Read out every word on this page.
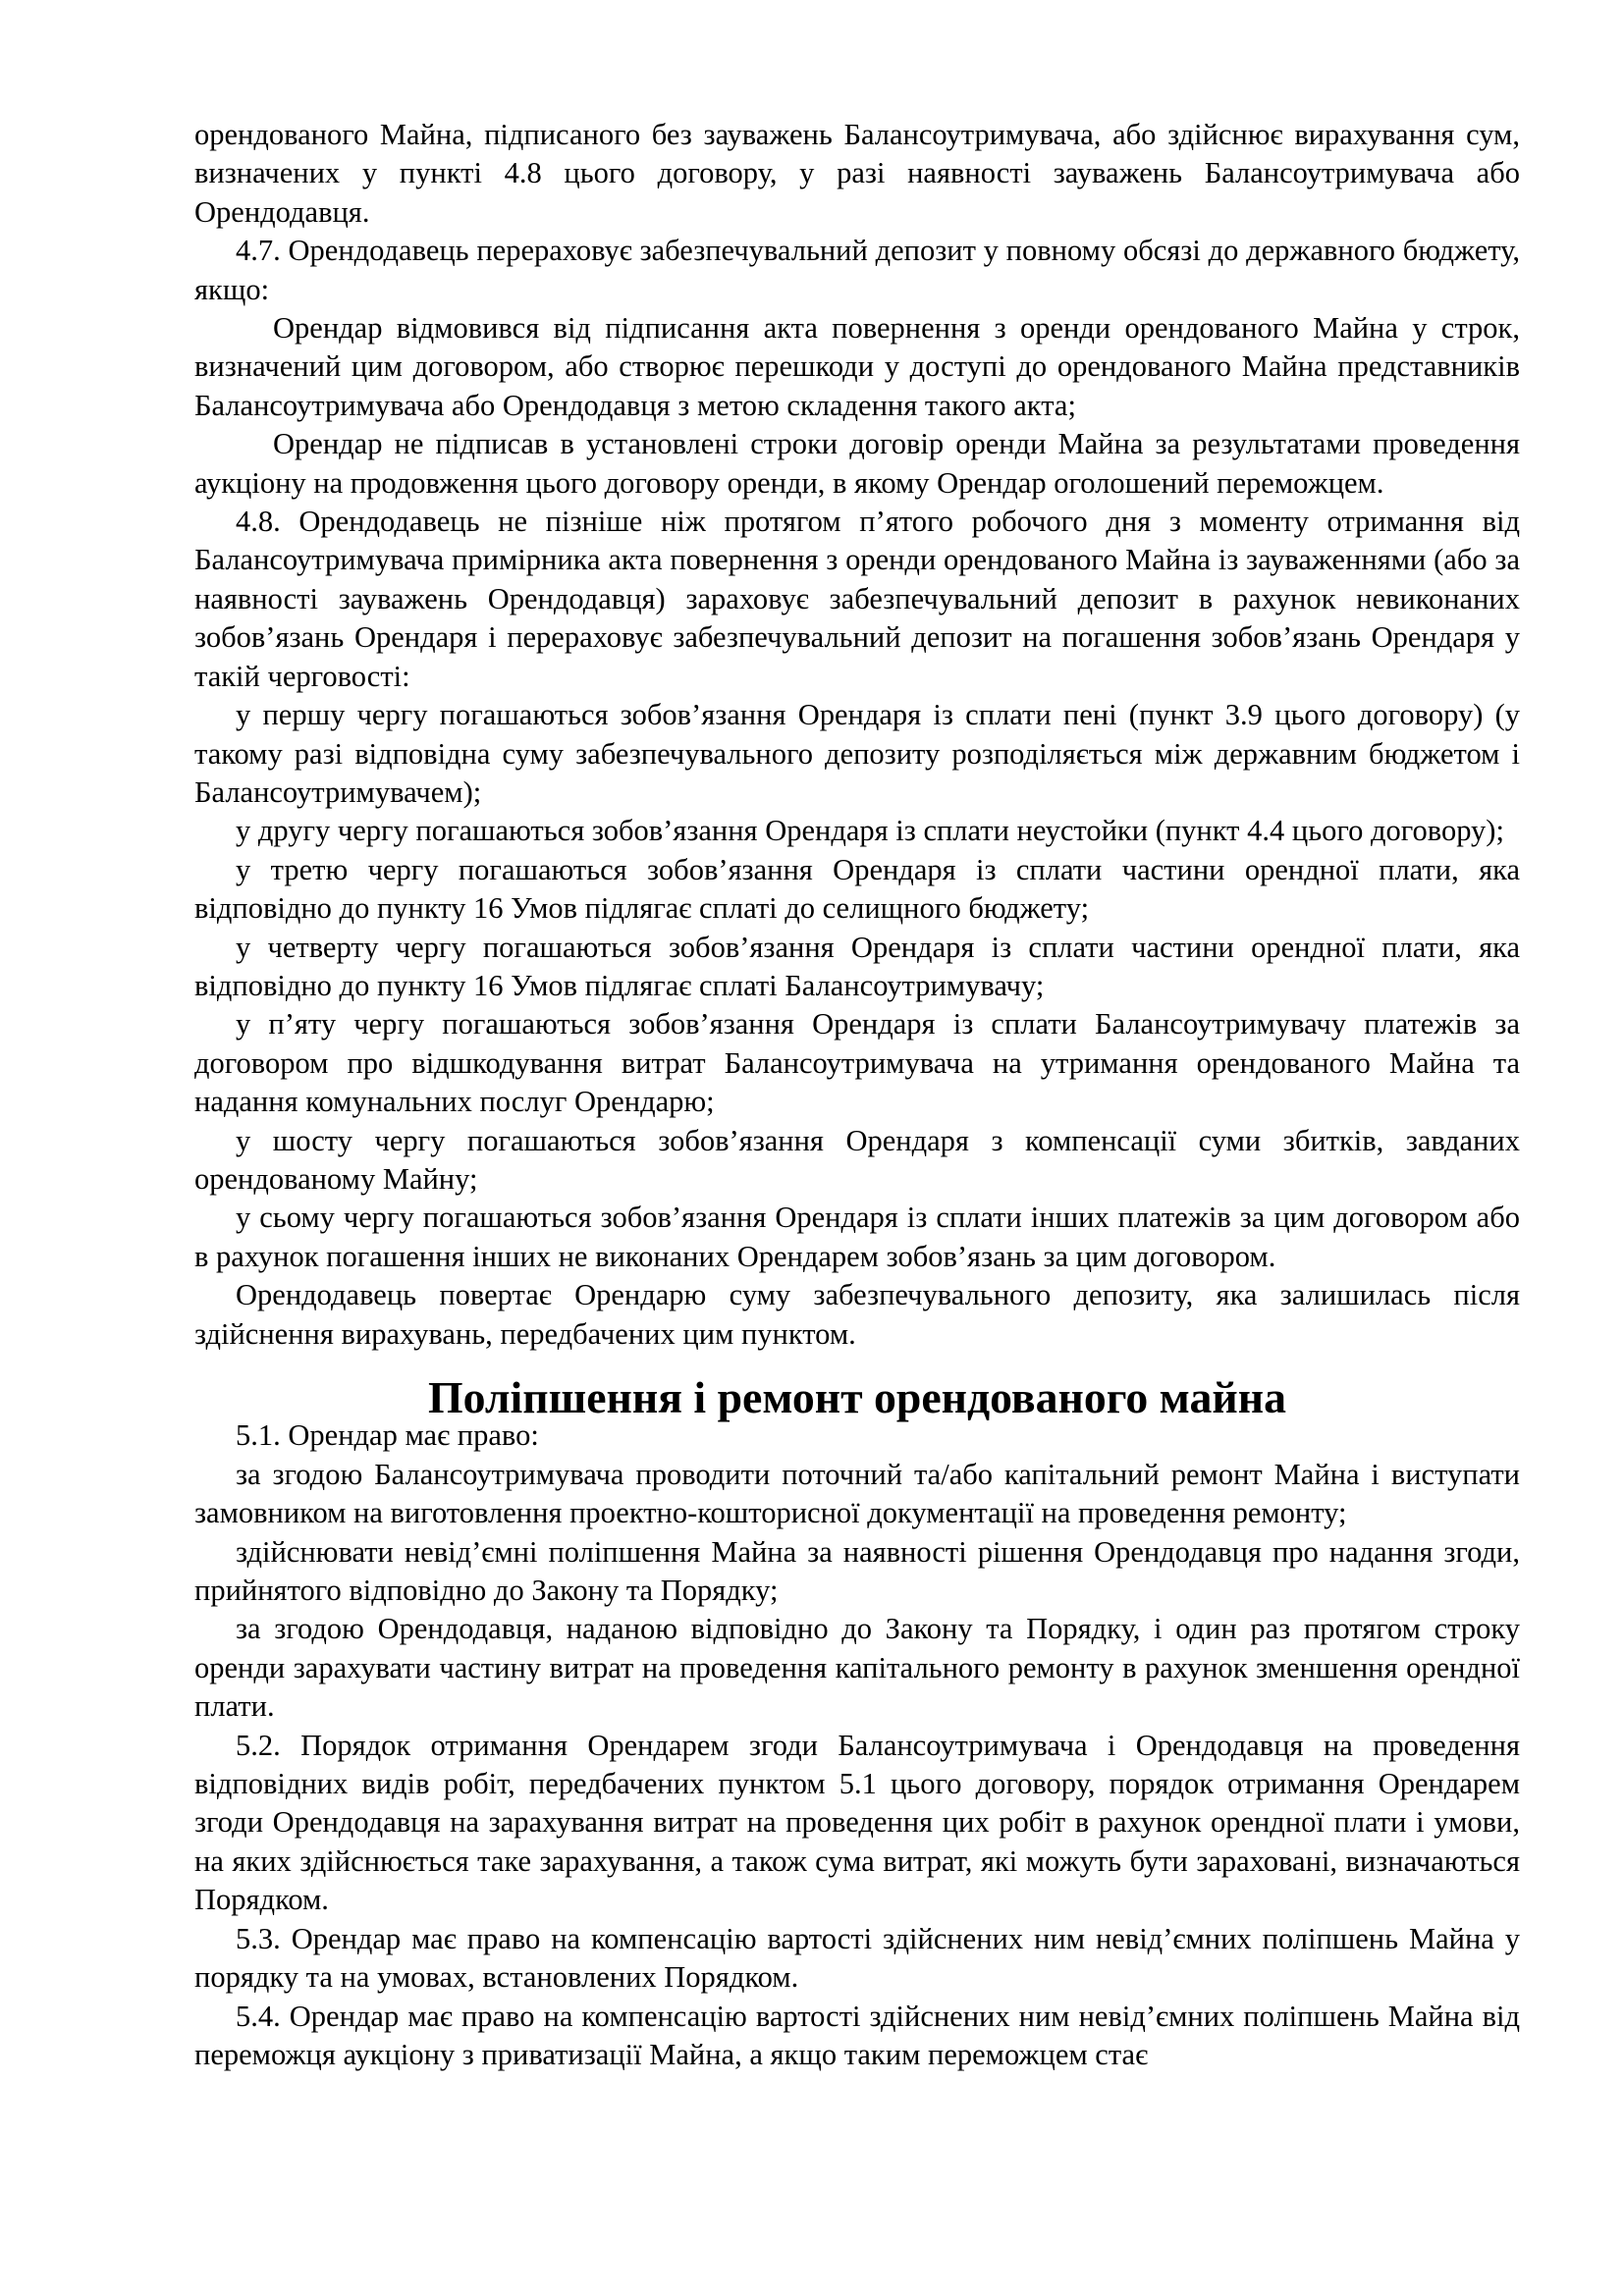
орендованого Майна, підписаного без зауважень Балансоутримувача, або здійснює вирахування сум, визначених у пункті 4.8 цього договору, у разі наявності зауважень Балансоутримувача або Орендодавця.

4.7. Орендодавець перераховує забезпечувальний депозит у повному обсязі до державного бюджету, якщо:

Орендар відмовився від підписання акта повернення з оренди орендованого Майна у строк, визначений цим договором, або створює перешкоди у доступі до орендованого Майна представників Балансоутримувача або Орендодавця з метою складення такого акта;

Орендар не підписав в установлені строки договір оренди Майна за результатами проведення аукціону на продовження цього договору оренди, в якому Орендар оголошений переможцем.

4.8. Орендодавець не пізніше ніж протягом п’ятого робочого дня з моменту отримання від Балансоутримувача примірника акта повернення з оренди орендованого Майна із зауваженнями (або за наявності зауважень Орендодавця) зараховує забезпечувальний депозит в рахунок невиконаних зобов’язань Орендаря і перераховує забезпечувальний депозит на погашення зобов’язань Орендаря у такій черговості:

у першу чергу погашаються зобов’язання Орендаря із сплати пені (пункт 3.9 цього договору) (у такому разі відповідна суму забезпечувального депозиту розподіляється між державним бюджетом і Балансоутримувачем);

у другу чергу погашаються зобов’язання Орендаря із сплати неустойки (пункт 4.4 цього договору);

у третю чергу погашаються зобов’язання Орендаря із сплати частини орендної плати, яка відповідно до пункту 16 Умов підлягає сплаті до селищного бюджету;

у четверту чергу погашаються зобов’язання Орендаря із сплати частини орендної плати, яка відповідно до пункту 16 Умов підлягає сплаті Балансоутримувачу;

у п’яту чергу погашаються зобов’язання Орендаря із сплати Балансоутримувачу платежів за договором про відшкодування витрат Балансоутримувача на утримання орендованого Майна та надання комунальних послуг Орендарю;

у шосту чергу погашаються зобов’язання Орендаря з компенсації суми збитків, завданих орендованому Майну;

у сьому чергу погашаються зобов’язання Орендаря із сплати інших платежів за цим договором або в рахунок погашення інших не виконаних Орендарем зобов’язань за цим договором.

Орендодавець повертає Орендарю суму забезпечувального депозиту, яка залишилась після здійснення вирахувань, передбачених цим пунктом.

Поліпшення і ремонт орендованого майна

5.1. Орендар має право:

за згодою Балансоутримувача проводити поточний та/або капітальний ремонт Майна і виступати замовником на виготовлення проектно-кошторисної документації на проведення ремонту;

здійснювати невід’ємні поліпшення Майна за наявності рішення Орендодавця про надання згоди, прийнятого відповідно до Закону та Порядку;

за згодою Орендодавця, наданою відповідно до Закону та Порядку, і один раз протягом строку оренди зарахувати частину витрат на проведення капітального ремонту в рахунок зменшення орендної плати.

5.2. Порядок отримання Орендарем згоди Балансоутримувача і Орендодавця на проведення відповідних видів робіт, передбачених пунктом 5.1 цього договору, порядок отримання Орендарем згоди Орендодавця на зарахування витрат на проведення цих робіт в рахунок орендної плати і умови, на яких здійснюється таке зарахування, а також сума витрат, які можуть бути зараховані, визначаються Порядком.

5.3. Орендар має право на компенсацію вартості здійснених ним невід’ємних поліпшень Майна у порядку та на умовах, встановлених Порядком.

5.4. Орендар має право на компенсацію вартості здійснених ним невід’ємних поліпшень Майна від переможця аукціону з приватизації Майна, а якщо таким переможцем стає
